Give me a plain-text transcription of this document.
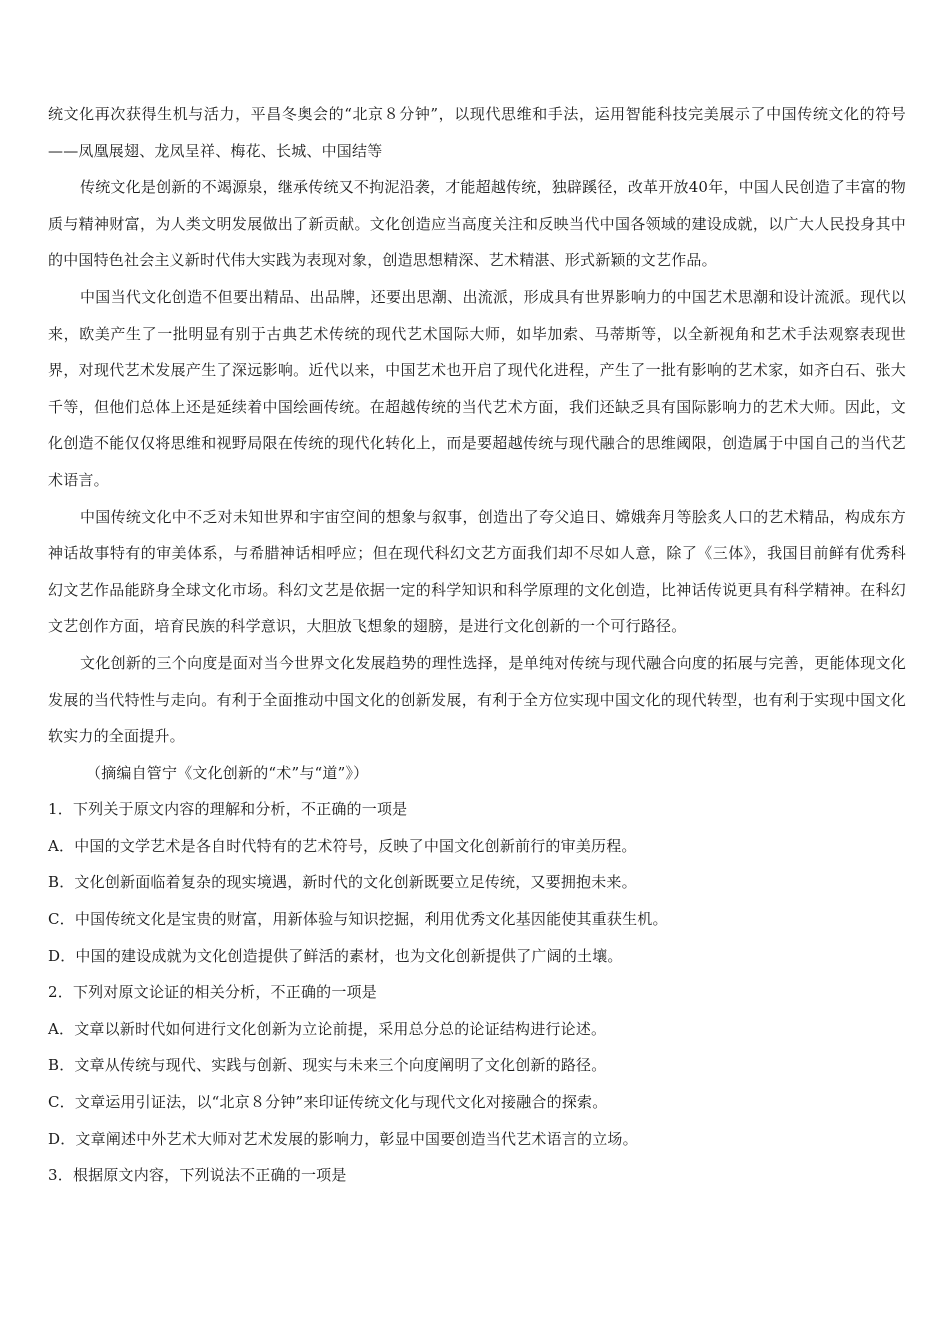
统文化再次获得生机与活力，平昌冬奥会的“北京８分钟”，以现代思维和手法，运用智能科技完美展示了中国传统文化的符号——凤凰展翅、龙凤呈祥、梅花、长城、中国结等

传统文化是创新的不竭源泉，继承传统又不拘泥沿袭，才能超越传统，独辟蹊径，改革开放40年，中国人民创造了丰富的物质与精神财富，为人类文明发展做出了新贡献。文化创造应当高度关注和反映当代中国各领域的建设成就，以广大人民投身其中的中国特色社会主义新时代伟大实践为表现对象，创造思想精深、艺术精湛、形式新颖的文艺作品。

中国当代文化创造不但要出精品、出品牌，还要出思潮、出流派，形成具有世界影响力的中国艺术思潮和设计流派。现代以来，欧美产生了一批明显有别于古典艺术传统的现代艺术国际大师，如毕加索、马蒂斯等，以全新视角和艺术手法观察表现世界，对现代艺术发展产生了深远影响。近代以来，中国艺术也开启了现代化进程，产生了一批有影响的艺术家，如齐白石、张大千等，但他们总体上还是延续着中国绘画传统。在超越传统的当代艺术方面，我们还缺乏具有国际影响力的艺术大师。因此，文化创造不能仅仅将思维和视野局限在传统的现代化转化上，而是要超越传统与现代融合的思维阈限，创造属于中国自己的当代艺术语言。

中国传统文化中不乏对未知世界和宇宙空间的想象与叙事，创造出了夸父追日、嫦娥奔月等脍炙人口的艺术精品，构成东方神话故事特有的审美体系，与希腊神话相呼应；但在现代科幻文艺方面我们却不尽如人意，除了《三体》，我国目前鲜有优秀科幻文艺作品能跻身全球文化市场。科幻文艺是依据一定的科学知识和科学原理的文化创造，比神话传说更具有科学精神。在科幻文艺创作方面，培育民族的科学意识，大胆放飞想象的翅膀，是进行文化创新的一个可行路径。

文化创新的三个向度是面对当今世界文化发展趋势的理性选择，是单纯对传统与现代融合向度的拓展与完善，更能体现文化发展的当代特性与走向。有利于全面推动中国文化的创新发展，有利于全方位实现中国文化的现代转型，也有利于实现中国文化软实力的全面提升。

（摘编自管宁《文化创新的“术”与“道”》）

1．下列关于原文内容的理解和分析，不正确的一项是

A．中国的文学艺术是各自时代特有的艺术符号，反映了中国文化创新前行的审美历程。

B．文化创新面临着复杂的现实境遇，新时代的文化创新既要立足传统，又要拥抱未来。

C．中国传统文化是宝贵的财富，用新体验与知识挖掘，利用优秀文化基因能使其重获生机。

D．中国的建设成就为文化创造提供了鲜活的素材，也为文化创新提供了广阔的土壤。

2．下列对原文论证的相关分析，不正确的一项是

A．文章以新时代如何进行文化创新为立论前提，采用总分总的论证结构进行论述。

B．文章从传统与现代、实践与创新、现实与未来三个向度阐明了文化创新的路径。

C．文章运用引证法，以“北京８分钟”来印证传统文化与现代文化对接融合的探索。

D．文章阐述中外艺术大师对艺术发展的影响力，彰显中国要创造当代艺术语言的立场。

3．根据原文内容，下列说法不正确的一项是
